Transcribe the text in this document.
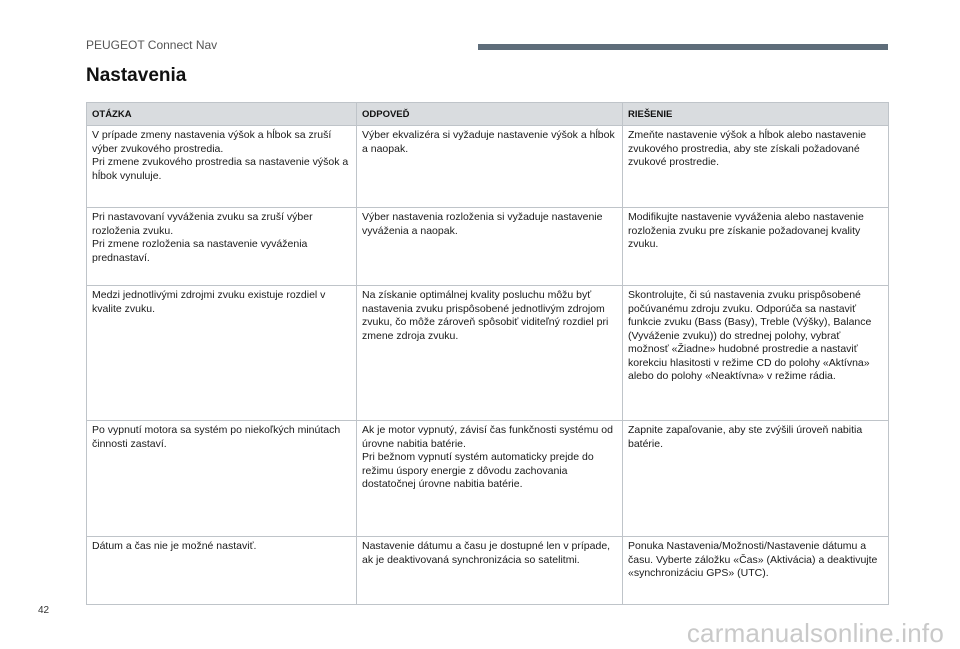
PEUGEOT Connect Nav
Nastavenia
OTÁZKA	ODPOVEĎ	RIEŠENIE
V prípade zmeny nastavenia výšok a hĺbok sa zruší výber zvukového prostredia.
Pri zmene zvukového prostredia sa nastavenie výšok a hĺbok vynuluje.	Výber ekvalizéra si vyžaduje nastavenie výšok a hĺbok a naopak.	Zmeňte nastavenie výšok a hĺbok alebo nastavenie zvukového prostredia, aby ste získali požadované zvukové prostredie.
Pri nastavovaní vyváženia zvuku sa zruší výber rozloženia zvuku.
Pri zmene rozloženia sa nastavenie vyváženia prednastaví.	Výber nastavenia rozloženia si vyžaduje nastavenie vyváženia a naopak.	Modifikujte nastavenie vyváženia alebo nastavenie rozloženia zvuku pre získanie požadovanej kvality zvuku.
Medzi jednotlivými zdrojmi zvuku existuje rozdiel v kvalite zvuku.	Na získanie optimálnej kvality posluchu môžu byť nastavenia zvuku prispôsobené jednotlivým zdrojom zvuku, čo môže zároveň spôsobiť viditeľný rozdiel pri zmene zdroja zvuku.	Skontrolujte, či sú nastavenia zvuku prispôsobené počúvanému zdroju zvuku. Odporúča sa nastaviť funkcie zvuku (Bass (Basy), Treble (Výšky), Balance (Vyváženie zvuku)) do strednej polohy, vybrať možnosť «Žiadne» hudobné prostredie a nastaviť korekciu hlasitosti v režime CD do polohy «Aktívna» alebo do polohy «Neaktívna» v režime rádia.
Po vypnutí motora sa systém po niekoľkých minútach činnosti zastaví.	Ak je motor vypnutý, závisí čas funkčnosti systému od úrovne nabitia batérie.
Pri bežnom vypnutí systém automaticky prejde do režimu úspory energie z dôvodu zachovania dostatočnej úrovne nabitia batérie.	Zapnite zapaľovanie, aby ste zvýšili úroveň nabitia batérie.
Dátum a čas nie je možné nastaviť.	Nastavenie dátumu a času je dostupné len v prípade, ak je deaktivovaná synchronizácia so satelitmi.	Ponuka Nastavenia/Možnosti/Nastavenie dátumu a času. Vyberte záložku «Čas» (Aktivácia) a deaktivujte «synchronizáciu GPS» (UTC).
42
carmanualsonline.info
